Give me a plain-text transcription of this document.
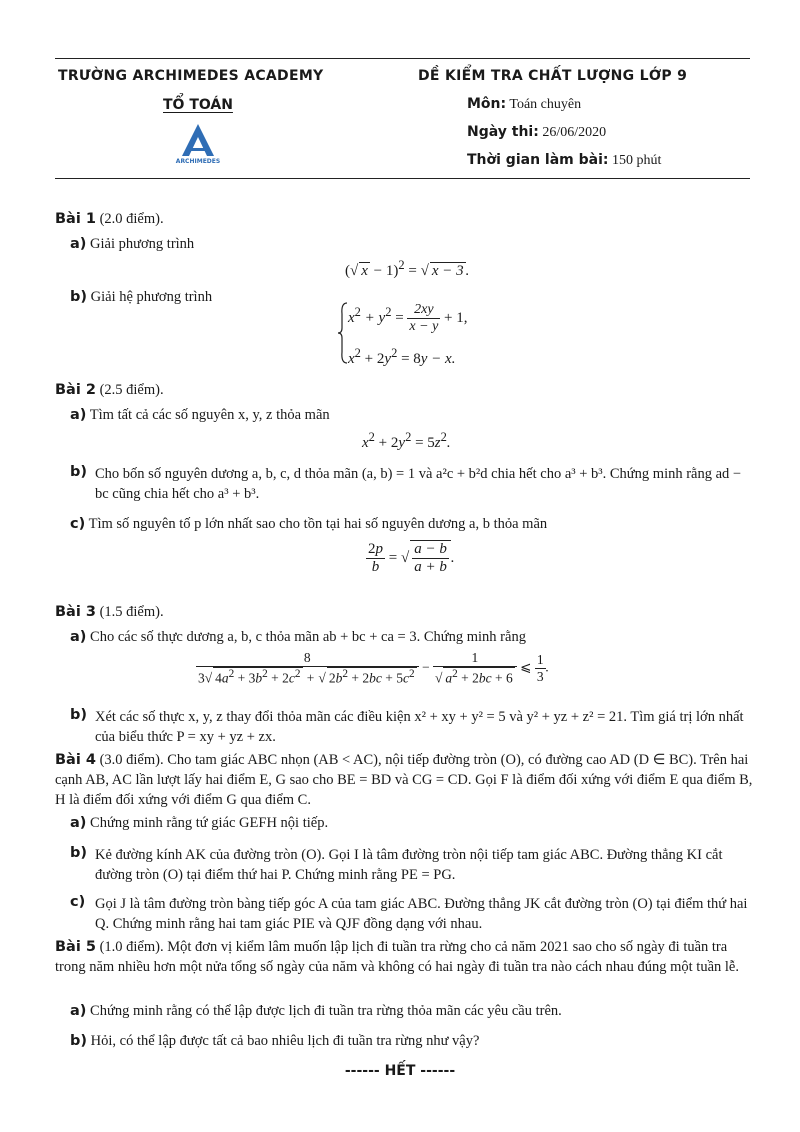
TRƯỜNG ARCHIMEDES ACADEMY
TỔ TOÁN
ARCHIMEDES
DỀ KIỂM TRA CHẤT LƯỢNG LỚP 9
Môn: Toán chuyên
Ngày thi: 26/06/2020
Thời gian làm bài: 150 phút
Bài 1 (2.0 điểm).
a) Giải phương trình
(√ x − 1)$^2$ = √ x − 3 .
b) Giải hệ phương trình
$x^2 + y^2 = \frac{2xy}{x - y} + 1$,
$x^2 + 2y^2 = 8y - x$.
Bài 2 (2.5 điểm).
a) Tìm tất cả các số nguyên x, y, z thỏa mãn
$x^2 + 2y^2 = 5z^2$.
b) Cho bốn số nguyên dương a, b, c, d thỏa mãn (a, b) = 1 và a²c + b²d chia hết cho a³ + b³. Chứng minh rằng ad − bc cũng chia hết cho a³ + b³.
c) Tìm số nguyên tố p lớn nhất sao cho tồn tại hai số nguyên dương a, b thỏa mãn
$\frac{2p}{b}$ = √ $\frac{a - b}{a + b}$ .
Bài 3 (1.5 điểm).
a) Cho các số thực dương a, b, c thỏa mãn ab + bc + ca = 3. Chứng minh rằng
$\frac{8}{3√ 4a^2 + 3b^2 + 2c^2 + √ 2b^2 + 2bc + 5c^2} - \frac{1}{√ a^2 + 2bc + 6}$ ⩽ $\frac{1}{3}$ .
b) Xét các số thực x, y, z thay đổi thỏa mãn các điều kiện x² + xy + y² = 5 và y² + yz + z² = 21. Tìm giá trị lớn nhất của biểu thức P = xy + yz + zx.
Bài 4 (3.0 điểm). Cho tam giác ABC nhọn (AB < AC), nội tiếp đường tròn (O), có đường cao AD (D ∈ BC). Trên hai cạnh AB, AC lần lượt lấy hai điểm E, G sao cho BE = BD và CG = CD. Gọi F là điểm đối xứng với điểm E qua điểm B, H là điểm đối xứng với điểm G qua điểm C.
a) Chứng minh rằng tứ giác GEFH nội tiếp.
b) Kẻ đường kính AK của đường tròn (O). Gọi I là tâm đường tròn nội tiếp tam giác ABC. Đường thẳng KI cắt đường tròn (O) tại điểm thứ hai P. Chứng minh rằng PE = PG.
c) Gọi J là tâm đường tròn bàng tiếp góc A của tam giác ABC. Đường thẳng JK cắt đường tròn (O) tại điểm thứ hai Q. Chứng minh rằng hai tam giác PIE và QJF đồng dạng với nhau.
Bài 5 (1.0 điểm). Một đơn vị kiểm lâm muốn lập lịch đi tuần tra rừng cho cả năm 2021 sao cho số ngày đi tuần tra trong năm nhiều hơn một nửa tổng số ngày của năm và không có hai ngày đi tuần tra nào cách nhau đúng một tuần lễ.
a) Chứng minh rằng có thể lập được lịch đi tuần tra rừng thỏa mãn các yêu cầu trên.
b) Hỏi, có thể lập được tất cả bao nhiêu lịch đi tuần tra rừng như vậy?
------ HẾT ------
